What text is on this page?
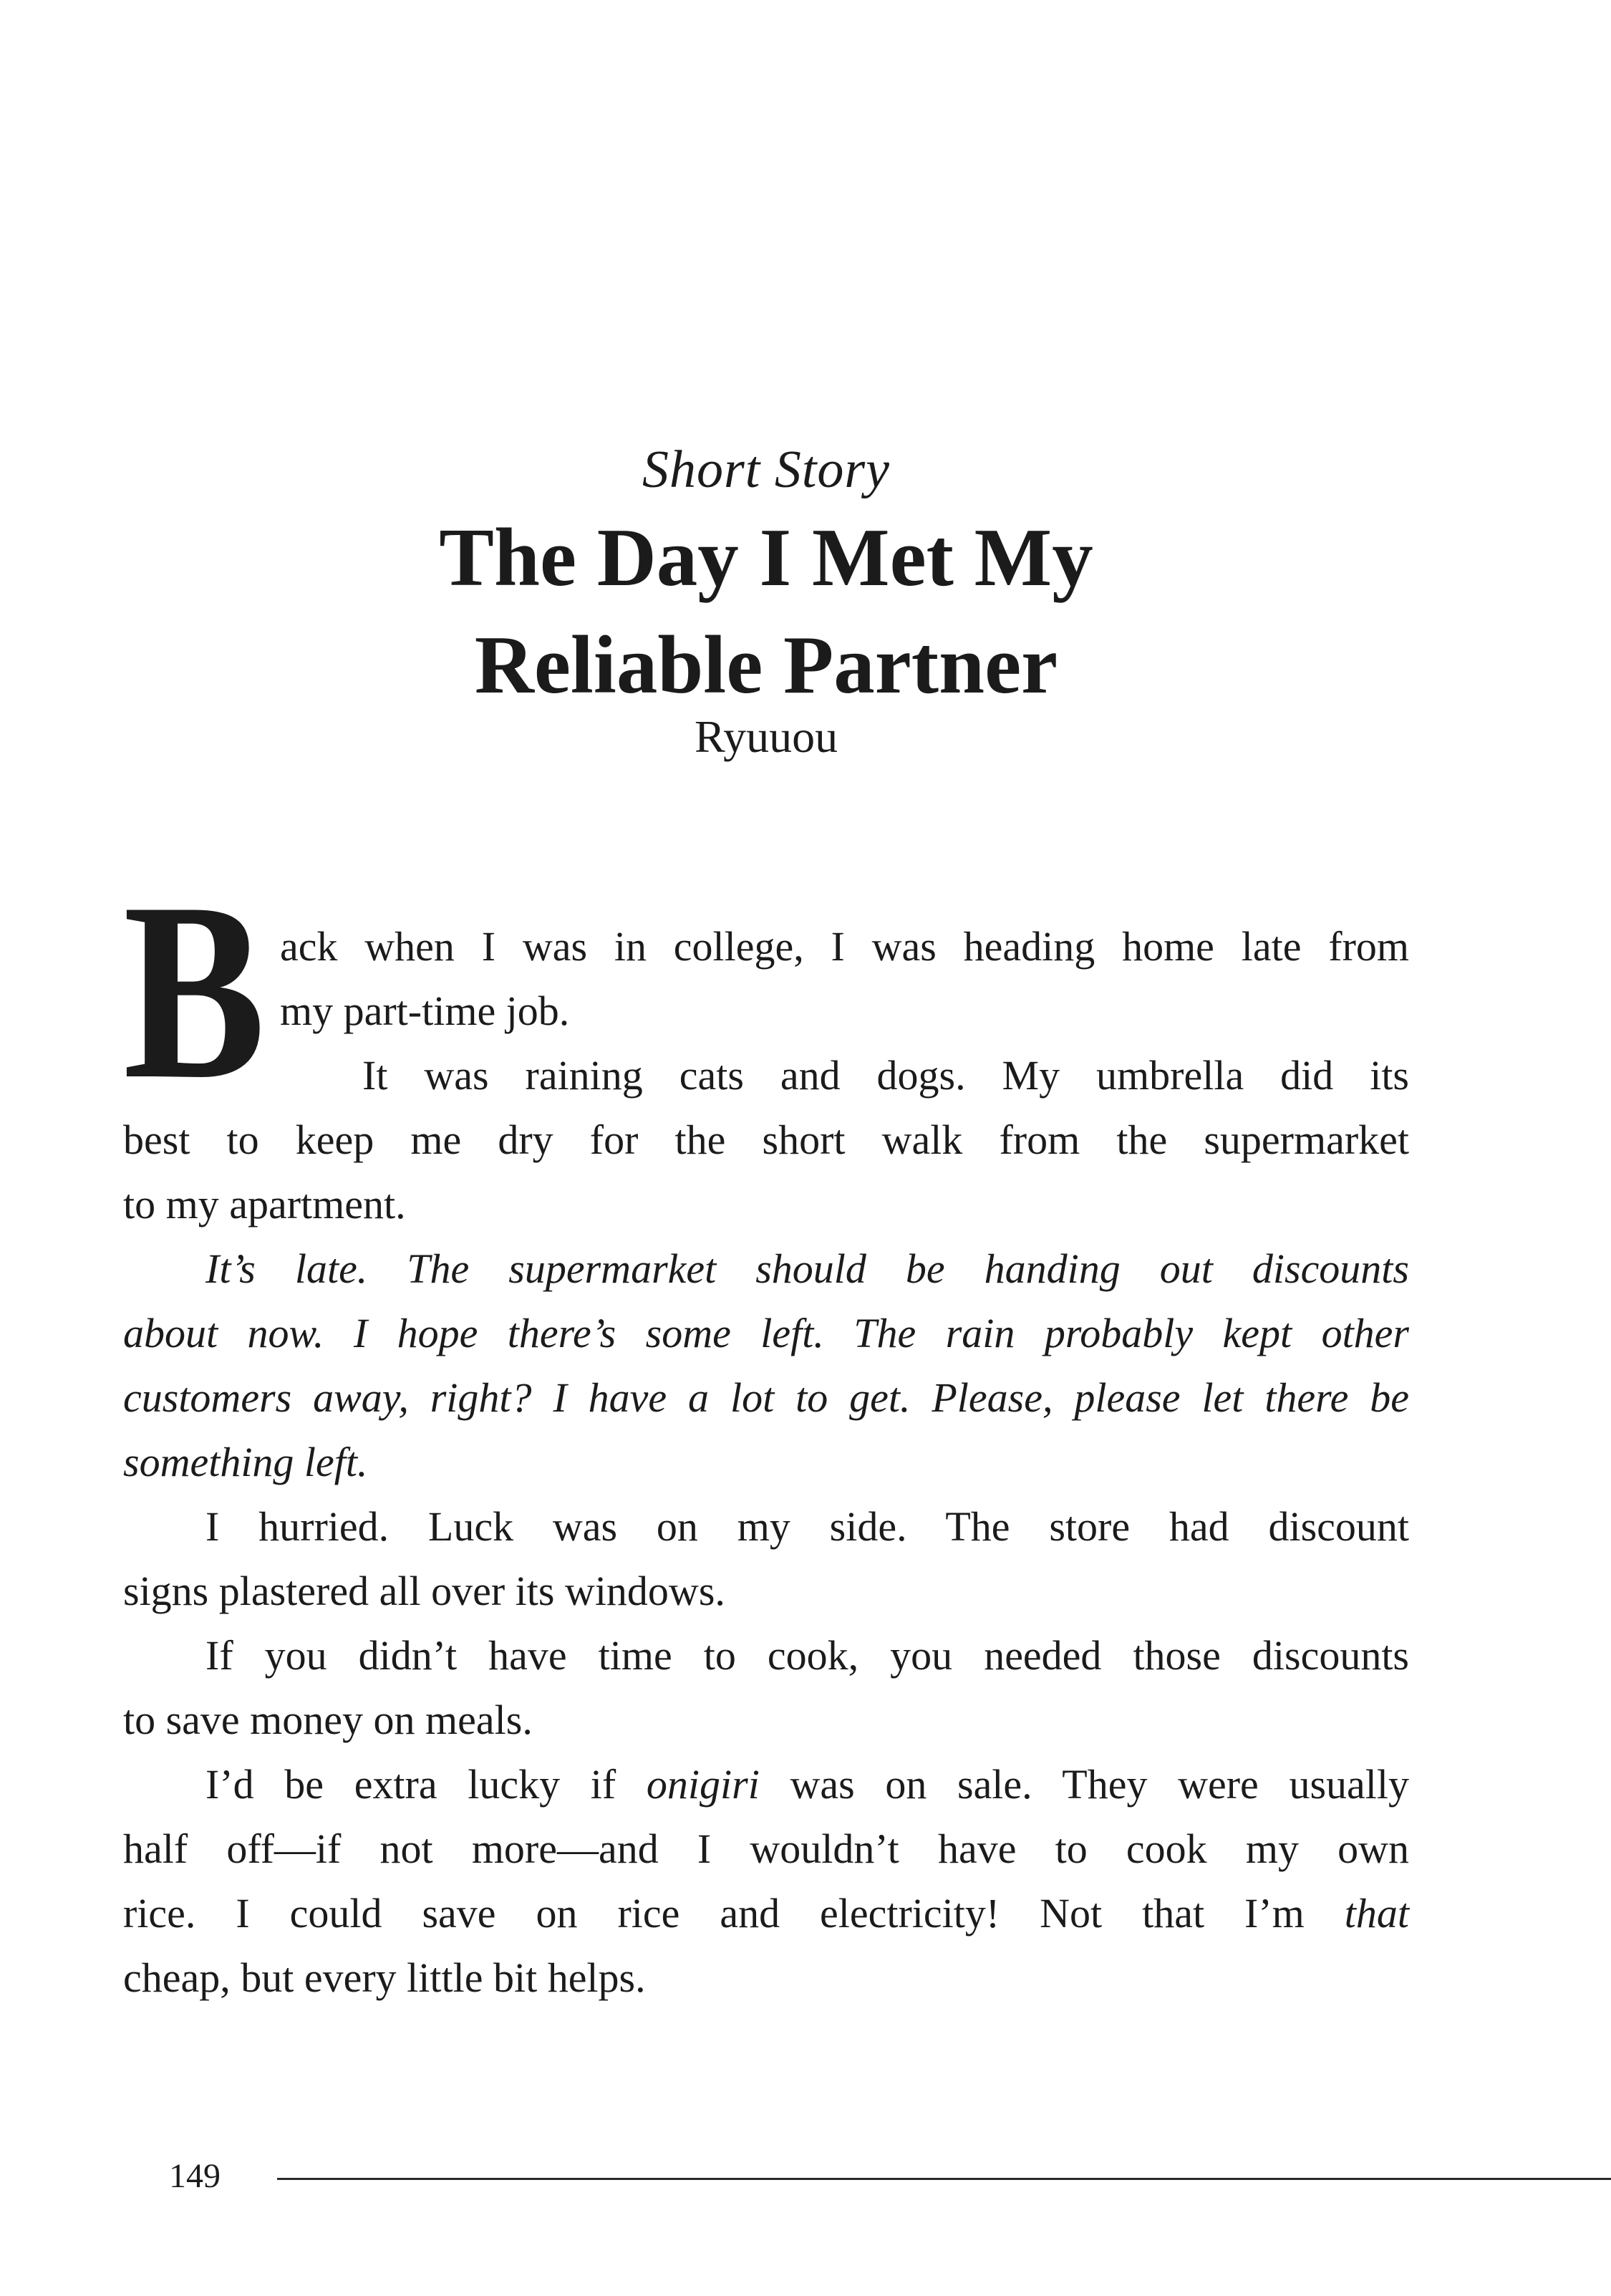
Short Story
The Day I Met My
Reliable Partner
Ryuuou
B ack when I was in college, I was heading home late from
my part-time job.
It was raining cats and dogs. My umbrella did its
best to keep me dry for the short walk from the supermarket
to my apartment.
It’s late. The supermarket should be handing out discounts
about now. I hope there’s some left. The rain probably kept other
customers away, right? I have a lot to get. Please, please let there be
something left.
I hurried. Luck was on my side. The store had discount
signs plastered all over its windows.
If you didn’t have time to cook, you needed those discounts
to save money on meals.
I’d be extra lucky if onigiri was on sale. They were usually
half off—if not more—and I wouldn’t have to cook my own
rice. I could save on rice and electricity! Not that I’m that
cheap, but every little bit helps.
149
